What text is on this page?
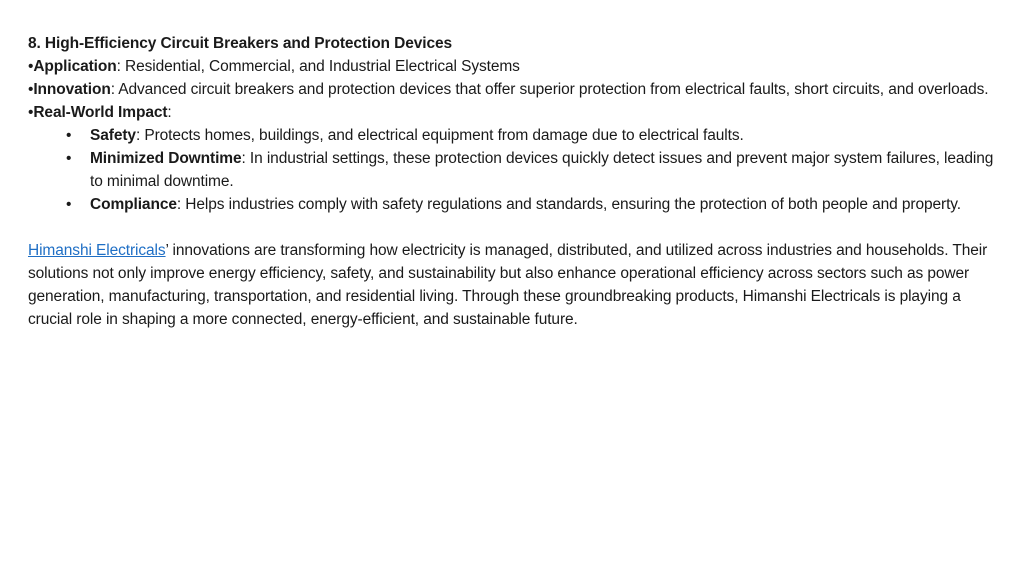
8. High-Efficiency Circuit Breakers and Protection Devices

•Application: Residential, Commercial, and Industrial Electrical Systems

•Innovation: Advanced circuit breakers and protection devices that offer superior protection from electrical faults, short circuits, and overloads.

•Real-World Impact:

• Safety: Protects homes, buildings, and electrical equipment from damage due to electrical faults.
• Minimized Downtime: In industrial settings, these protection devices quickly detect issues and prevent major system failures, leading to minimal downtime.
• Compliance: Helps industries comply with safety regulations and standards, ensuring the protection of both people and property.

Himanshi Electricals’ innovations are transforming how electricity is managed, distributed, and utilized across industries and households. Their solutions not only improve energy efficiency, safety, and sustainability but also enhance operational efficiency across sectors such as power generation, manufacturing, transportation, and residential living. Through these groundbreaking products, Himanshi Electricals is playing a crucial role in shaping a more connected, energy-efficient, and sustainable future.
